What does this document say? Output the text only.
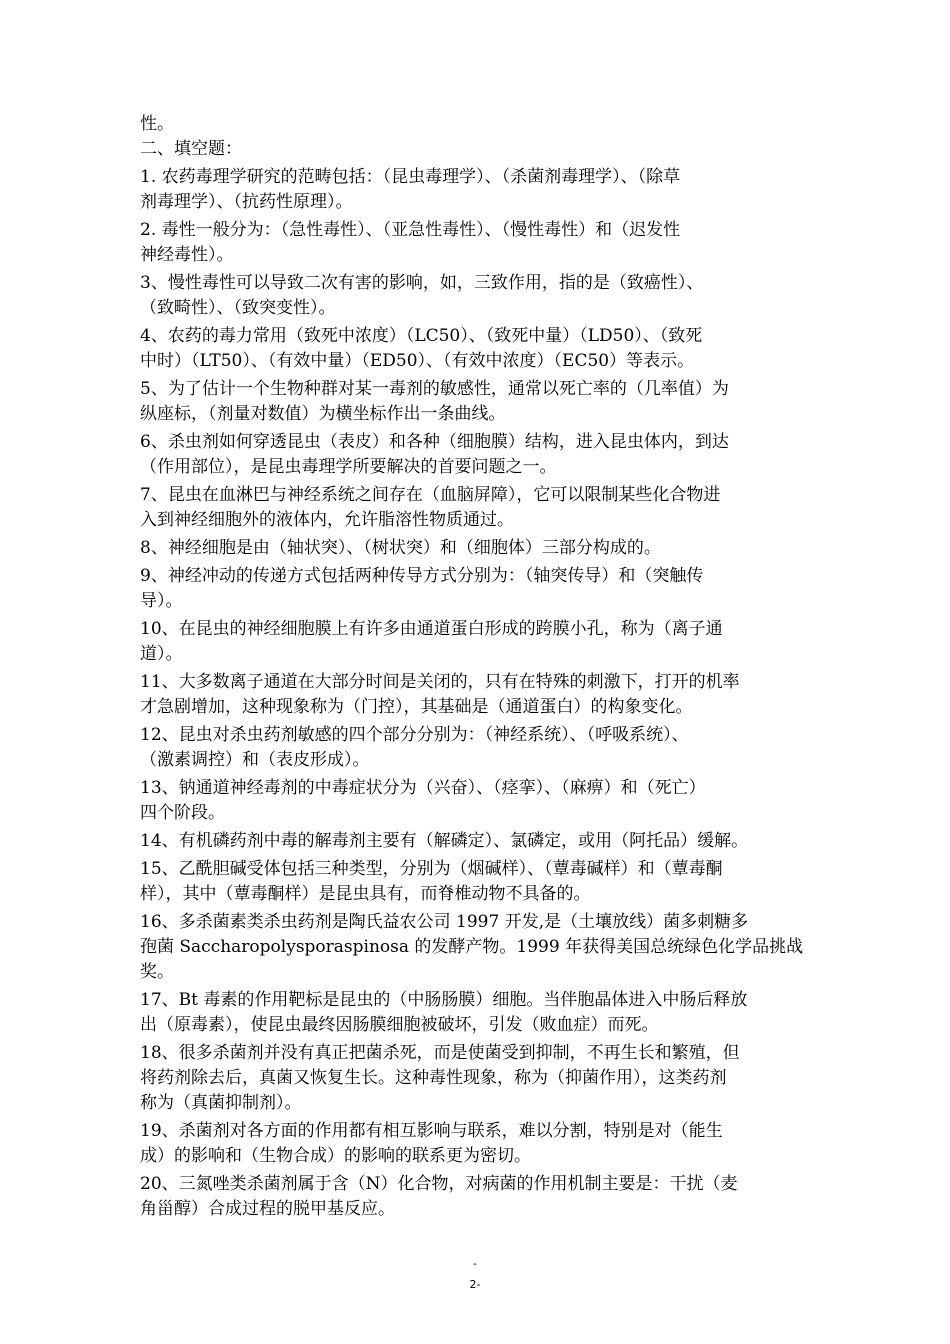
性。
二、填空题：
1. 农药毒理学研究的范畴包括：（昆虫毒理学）、（杀菌剂毒理学）、（除草
剂毒理学）、（抗药性原理）。
2. 毒性一般分为：（急性毒性）、（亚急性毒性）、（慢性毒性）和（迟发性
神经毒性）。
3、慢性毒性可以导致二次有害的影响，如，三致作用，指的是（致癌性）、
（致畸性）、（致突变性）。
4、农药的毒力常用（致死中浓度）（LC50）、（致死中量）（LD50）、（致死
中时）（LT50）、（有效中量）（ED50）、（有效中浓度）（EC50）等表示。
5、为了估计一个生物种群对某一毒剂的敏感性，通常以死亡率的（几率值）为
纵座标，（剂量对数值）为横坐标作出一条曲线。
6、杀虫剂如何穿透昆虫（表皮）和各种（细胞膜）结构，进入昆虫体内，到达
（作用部位），是昆虫毒理学所要解决的首要问题之一。
7、昆虫在血淋巴与神经系统之间存在（血脑屏障），它可以限制某些化合物进
入到神经细胞外的液体内，允许脂溶性物质通过。
8、神经细胞是由（轴状突）、（树状突）和（细胞体）三部分构成的。
9、神经冲动的传递方式包括两种传导方式分别为：（轴突传导）和（突触传
导）。
10、在昆虫的神经细胞膜上有许多由通道蛋白形成的跨膜小孔，称为（离子通
道）。
11、大多数离子通道在大部分时间是关闭的，只有在特殊的刺激下，打开的机率
才急剧增加，这种现象称为（门控），其基础是（通道蛋白）的构象变化。
12、昆虫对杀虫药剂敏感的四个部分分别为：（神经系统）、（呼吸系统）、
（激素调控）和（表皮形成）。
13、钠通道神经毒剂的中毒症状分为（兴奋）、（痉挛）、（麻痹）和（死亡）
四个阶段。
14、有机磷药剂中毒的解毒剂主要有（解磷定）、氯磷定，或用（阿托品）缓解。
15、乙酰胆碱受体包括三种类型，分别为（烟碱样）、（蕈毒碱样）和（蕈毒酮
样），其中（蕈毒酮样）是昆虫具有，而脊椎动物不具备的。
16、多杀菌素类杀虫药剂是陶氏益农公司 1997 开发,是（土壤放线）菌多刺糖多
孢菌 Saccharopolysporaspinosa 的发酵产物。1999 年获得美国总统绿色化学品挑战
奖。
17、Bt 毒素的作用靶标是昆虫的（中肠肠膜）细胞。当伴胞晶体进入中肠后释放
出（原毒素），使昆虫最终因肠膜细胞被破坏，引发（败血症）而死。
18、很多杀菌剂并没有真正把菌杀死，而是使菌受到抑制，不再生长和繁殖，但
将药剂除去后，真菌又恢复生长。这种毒性现象，称为（抑菌作用），这类药剂
称为（真菌抑制剂）。
19、杀菌剂对各方面的作用都有相互影响与联系，难以分割，特别是对（能生
成）的影响和（生物合成）的影响的联系更为密切。
20、三氮唑类杀菌剂属于含（N）化合物，对病菌的作用机制主要是：干扰（麦
角甾醇）合成过程的脱甲基反应。
-
2-
